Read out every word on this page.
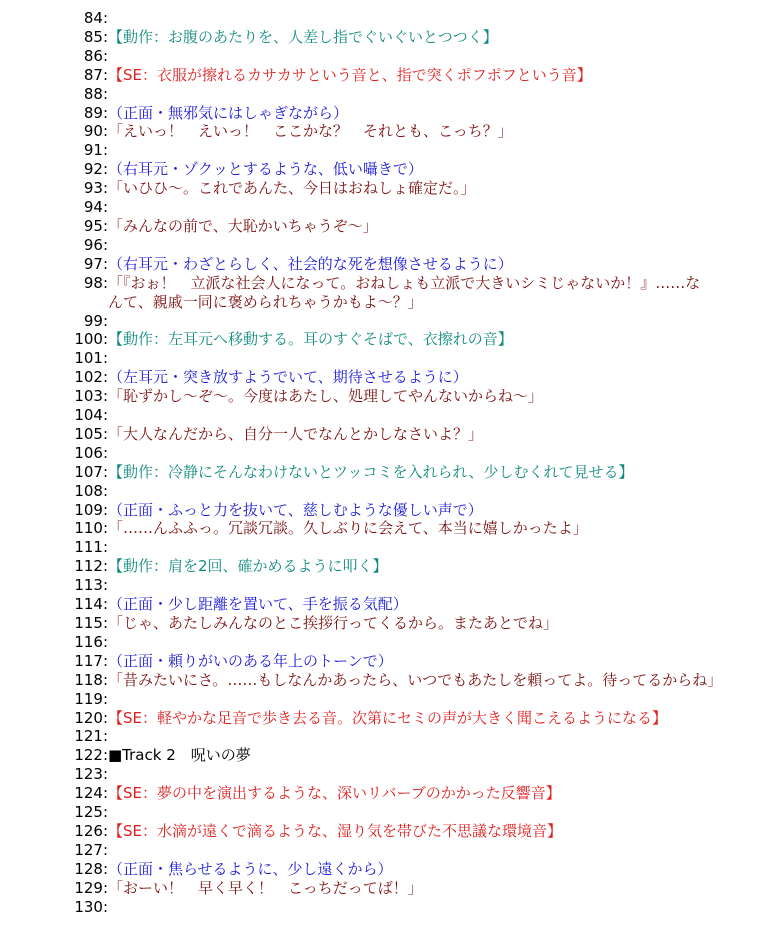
84:
85: 【動作：お腹のあたりを、人差し指でぐいぐいとつつく】
86:
87: 【SE：衣服が擦れるカサカサという音と、指で突くポフポフという音】
88:
89: （正面・無邪気にはしゃぎながら）
90: 「えいっ！　えいっ！　ここかな？　それとも、こっち？」
91:
92: （右耳元・ゾクッとするような、低い囁きで）
93: 「いひひ～。これであんた、今日はおねしょ確定だ。」
94:
95: 「みんなの前で、大恥かいちゃうぞ～」
96:
97: （右耳元・わざとらしく、社会的な死を想像させるように）
98: 「『おぉ！　立派な社会人になって。おねしょも立派で大きいシミじゃないか！』……なんて、親戚一同に褒められちゃうかもよ～？」
99:
100: 【動作：左耳元へ移動する。耳のすぐそばで、衣擦れの音】
101:
102: （左耳元・突き放すようでいて、期待させるように）
103: 「恥ずかし～ぞ～。今度はあたし、処理してやんないからね～」
104:
105: 「大人なんだから、自分一人でなんとかしなさいよ？」
106:
107: 【動作：冷静にそんなわけないとツッコミを入れられ、少しむくれて見せる】
108:
109: （正面・ふっと力を抜いて、慈しむような優しい声で）
110: 「……んふふっ。冗談冗談。久しぶりに会えて、本当に嬉しかったよ」
111:
112: 【動作：肩を2回、確かめるように叩く】
113:
114: （正面・少し距離を置いて、手を振る気配）
115: 「じゃ、あたしみんなのとこ挨拶行ってくるから。またあとでね」
116:
117: （正面・頼りがいのある年上のトーンで）
118: 「昔みたいにさ。……もしなんかあったら、いつでもあたしを頼ってよ。待ってるからね」
119:
120: 【SE：軽やかな足音で歩き去る音。次第にセミの声が大きく聞こえるようになる】
121:
122: ■Track 2　呪いの夢
123:
124: 【SE：夢の中を演出するような、深いリバーブのかかった反響音】
125:
126: 【SE：水滴が遠くで滴るような、湿り気を帯びた不思議な環境音】
127:
128: （正面・焦らせるように、少し遠くから）
129: 「おーい！　早く早く！　こっちだってば！」
130:
